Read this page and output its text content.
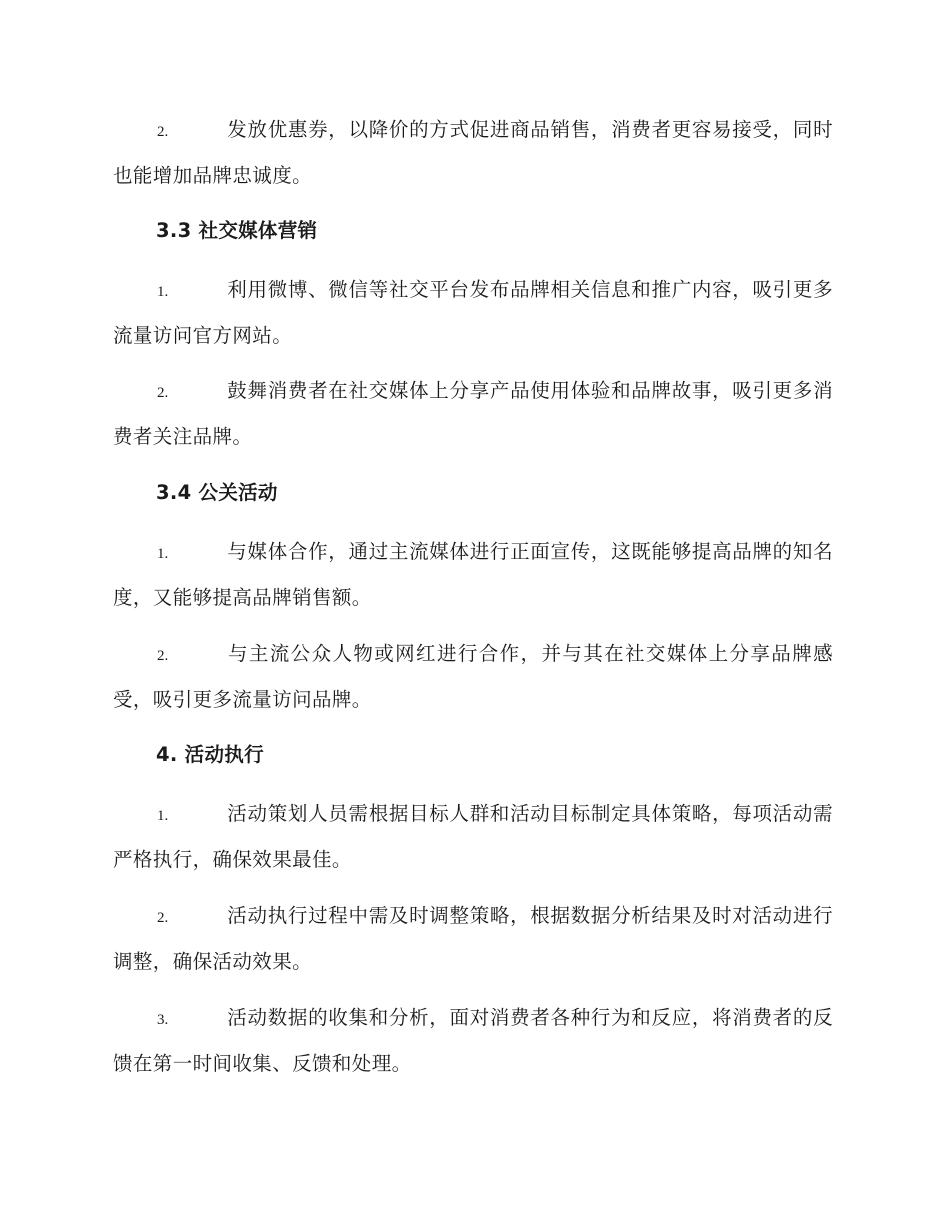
2.	发放优惠券，以降价的方式促进商品销售，消费者更容易接受，同时也能增加品牌忠诚度。
3.3 社交媒体营销
1.	利用微博、微信等社交平台发布品牌相关信息和推广内容，吸引更多流量访问官方网站。
2.	鼓舞消费者在社交媒体上分享产品使用体验和品牌故事，吸引更多消费者关注品牌。
3.4 公关活动
1.	与媒体合作，通过主流媒体进行正面宣传，这既能够提高品牌的知名度，又能够提高品牌销售额。
2.	与主流公众人物或网红进行合作，并与其在社交媒体上分享品牌感受，吸引更多流量访问品牌。
4. 活动执行
1.	活动策划人员需根据目标人群和活动目标制定具体策略，每项活动需严格执行，确保效果最佳。
2.	活动执行过程中需及时调整策略，根据数据分析结果及时对活动进行调整，确保活动效果。
3.	活动数据的收集和分析，面对消费者各种行为和反应，将消费者的反馈在第一时间收集、反馈和处理。
